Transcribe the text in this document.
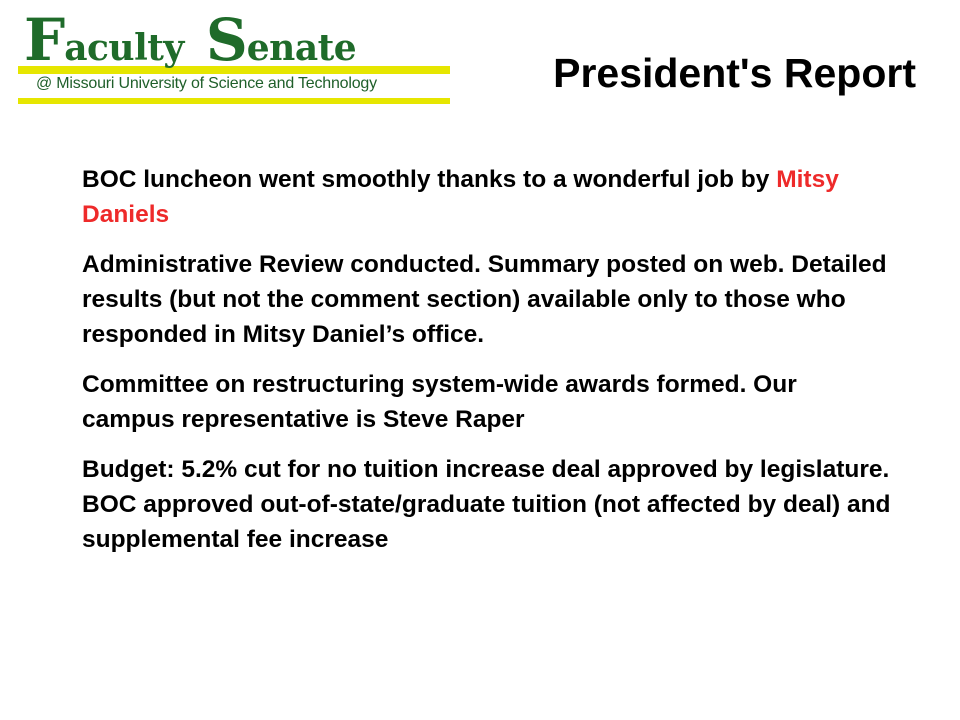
F aculty S enate
@ Missouri University of Science and Technology	President's Report

BOC luncheon went smoothly thanks to a wonderful job by Mitsy Daniels

Administrative Review conducted. Summary posted on web. Detailed results (but not the comment section) available only to those who responded in Mitsy Daniel’s office.

Committee on restructuring system-wide awards formed. Our campus representative is Steve Raper

Budget: 5.2% cut for no tuition increase deal approved by legislature. BOC approved out-of-state/graduate tuition (not affected by deal) and supplemental fee increase
